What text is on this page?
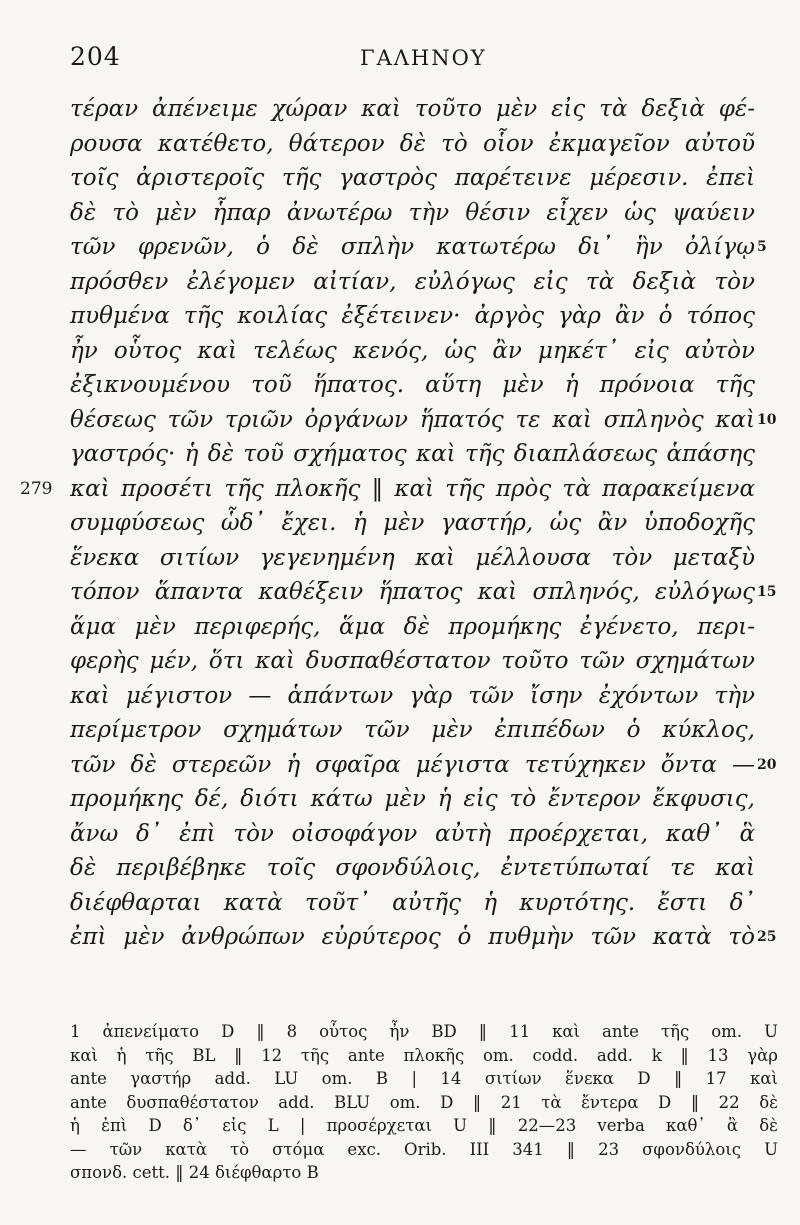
204	ΓΑΛΗΝΟΥ
τέραν ἀπένειμε χώραν καὶ τοῦτο μὲν εἰς τὰ δεξιὰ φέ-
ρουσα κατέθετο, θάτερον δὲ τὸ οἷον ἐκμαγεῖον αὐτοῦ
τοῖς ἀριστεροῖς τῆς γαστρὸς παρέτεινε μέρεσιν. ἐπεὶ
δὲ τὸ μὲν ἧπαρ ἀνωτέρω τὴν θέσιν εἶχεν ὡς ψαύειν
τῶν φρενῶν, ὁ δὲ σπλὴν κατωτέρω δι᾽ ἣν ὀλίγῳ 5
πρόσθεν ἐλέγομεν αἰτίαν, εὐλόγως εἰς τὰ δεξιὰ τὸν
πυθμένα τῆς κοιλίας ἐξέτεινεν· ἀργὸς γὰρ ἂν ὁ τόπος
ἦν οὗτος καὶ τελέως κενός, ὡς ἂν μηκέτ᾽ εἰς αὐτὸν
ἐξικνουμένου τοῦ ἥπατος. αὕτη μὲν ἡ πρόνοια τῆς
θέσεως τῶν τριῶν ὀργάνων ἥπατός τε καὶ σπληνὸς καὶ 10
γαστρός· ἡ δὲ τοῦ σχήματος καὶ τῆς διαπλάσεως ἁπάσης
279 καὶ προσέτι τῆς πλοκῆς ‖ καὶ τῆς πρὸς τὰ παρακείμενα
συμφύσεως ὧδ᾽ ἔχει. ἡ μὲν γαστήρ, ὡς ἂν ὑποδοχῆς
ἕνεκα σιτίων γεγενημένη καὶ μέλλουσα τὸν μεταξὺ
τόπον ἅπαντα καθέξειν ἥπατος καὶ σπληνός, εὐλόγως 15
ἅμα μὲν περιφερής, ἅμα δὲ προμήκης ἐγένετο, περι-
φερὴς μέν, ὅτι καὶ δυσπαθέστατον τοῦτο τῶν σχημάτων
καὶ μέγιστον — ἁπάντων γὰρ τῶν ἴσην ἐχόντων τὴν
περίμετρον σχημάτων τῶν μὲν ἐπιπέδων ὁ κύκλος,
τῶν δὲ στερεῶν ἡ σφαῖρα μέγιστα τετύχηκεν ὄντα — 20
προμήκης δέ, διότι κάτω μὲν ἡ εἰς τὸ ἔντερον ἔκφυσις,
ἄνω δ᾽ ἐπὶ τὸν οἰσοφάγον αὐτὴ προέρχεται, καθ᾽ ἃ
δὲ περιβέβηκε τοῖς σφονδύλοις, ἐντετύπωταί τε καὶ
διέφθαρται κατὰ τοῦτ᾽ αὐτῆς ἡ κυρτότης. ἔστι δ᾽
ἐπὶ μὲν ἀνθρώπων εὐρύτερος ὁ πυθμὴν τῶν κατὰ τὸ 25
1 ἀπενείματο D ‖ 8 οὗτος ἦν BD ‖ 11 καὶ ante τῆς om. U
καὶ ἡ τῆς BL ‖ 12 τῆς ante πλοκῆς om. codd. add. k ‖ 13 γὰρ
ante γαστήρ add. LU om. B | 14 σιτίων ἕνεκα D ‖ 17 καὶ
ante δυσπαθέστατον add. BLU om. D ‖ 21 τὰ ἔντερα D ‖ 22 δὲ
ἡ ἐπὶ D δ᾽ εἰς L | προσέρχεται U ‖ 22—23 verba καθ᾽ ἃ δὲ
— τῶν κατὰ τὸ στόμα exc. Orib. III 341 ‖ 23 σφονδύλοις U
σπονδ. cett. ‖ 24 διέφθαρτο B
